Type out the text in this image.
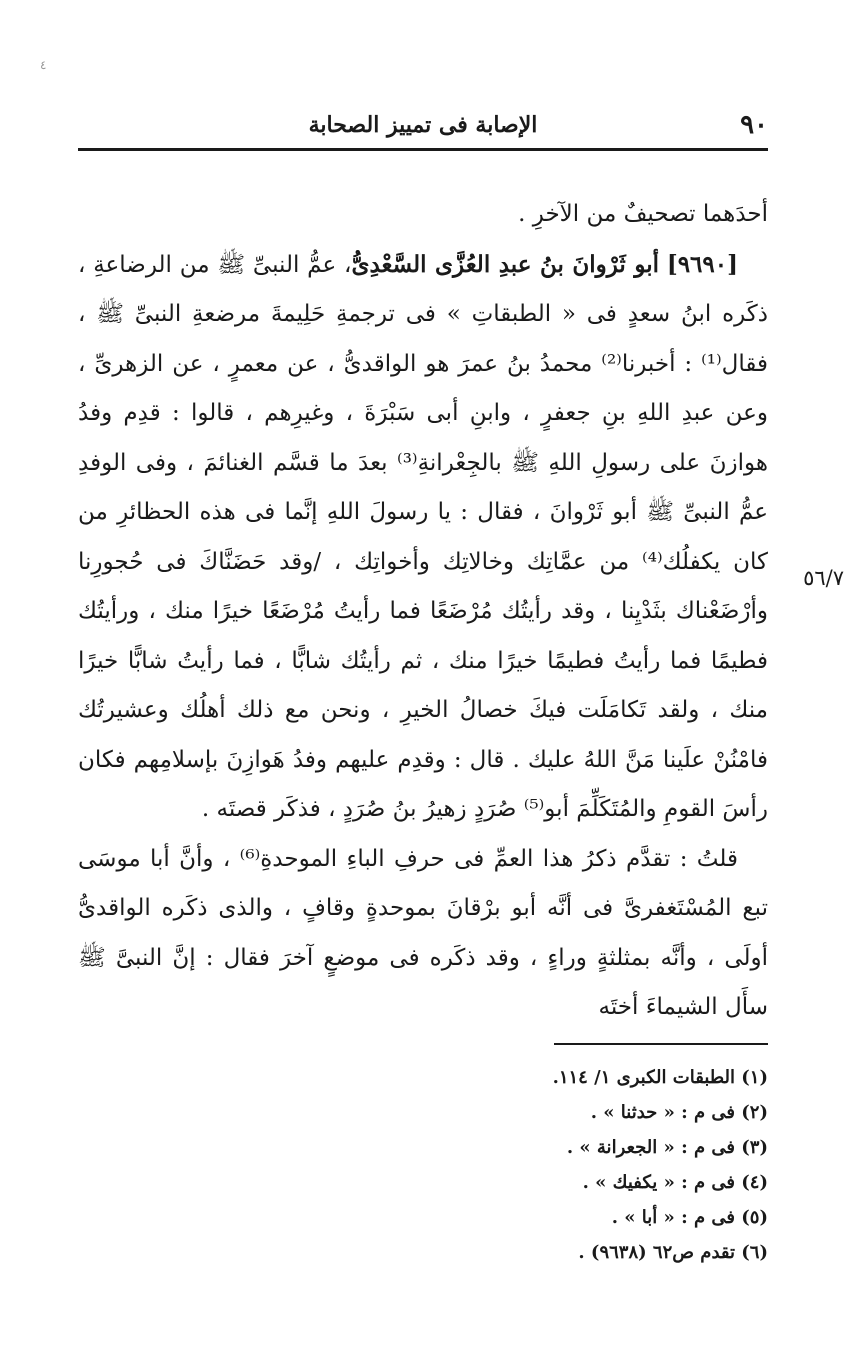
٤
٩٠
الإصابة فى تمييز الصحابة
٥٦/٧

أحدَهما تصحيفٌ من الآخرِ .

[٩٦٩٠] أبو ثَرْوانَ بنُ عبدِ العُزَّى السَّعْدِىُّ، عمُّ النبىِّ ﷺ من الرضاعةِ ، ذكَره ابنُ سعدٍ فى « الطبقاتِ » فى ترجمةِ حَلِيمةَ مرضعةِ النبىِّ ﷺ ، فقال⁽¹⁾ : أخبرنا⁽²⁾ محمدُ بنُ عمرَ هو الواقدىُّ ، عن معمرٍ ، عن الزهرىِّ ، وعن عبدِ اللهِ بنِ جعفرٍ ، وابنِ أبى سَبْرَةَ ، وغيرِهم ، قالوا : قدِم وفدُ هوازنَ على رسولِ اللهِ ﷺ بالجِعْرانةِ⁽³⁾ بعدَ ما قسَّم الغنائمَ ، وفى الوفدِ عمُّ النبىِّ ﷺ أبو ثَرْوانَ ، فقال : يا رسولَ اللهِ إنَّما فى هذه الحظائرِ من كان يكفلُك⁽⁴⁾ من عمَّاتِك وخالاتِك وأخواتِك ، /وقد حَضَنَّاكَ فى حُجورِنا وأرْضَعْناك بثَدْيِنا ، وقد رأيتُك مُرْضَعًا فما رأيتُ مُرْضَعًا خيرًا منك ، ورأيتُك فطيمًا فما رأيتُ فطيمًا خيرًا منك ، ثم رأيتُك شابًّا ، فما رأيتُ شابًّا خيرًا منك ، ولقد تَكامَلَت فيكَ خصالُ الخيرِ ، ونحن مع ذلك أهلُك وعشيرتُك فامْنُنْ علَينا مَنَّ اللهُ عليك . قال : وقدِم عليهم وفدُ هَوازِنَ بإسلامِهم فكان رأسَ القومِ والمُتَكَلِّمَ أبو⁽⁵⁾ صُرَدٍ زهيرُ بنُ صُرَدٍ ، فذكَر قصتَه .

قلتُ : تقدَّم ذكرُ هذا العمِّ فى حرفِ الباءِ الموحدةِ⁽⁶⁾ ، وأنَّ أبا موسَى تبع المُسْتَغفرىَّ فى أنَّه أبو برْقانَ بموحدةٍ وقافٍ ، والذى ذكَره الواقدىُّ أولَى ، وأنَّه بمثلثةٍ وراءٍ ، وقد ذكَره فى موضعٍ آخرَ فقال : إنَّ النبىَّ ﷺ سأَل الشيماءَ أختَه

(١) الطبقات الكبرى ١/ ١١٤.
(٢) فى م : « حدثنا » .
(٣) فى م : « الجعرانة » .
(٤) فى م : « يكفيك » .
(٥) فى م : « أبا » .
(٦) تقدم ص٦٢ (٩٦٣٨) .
